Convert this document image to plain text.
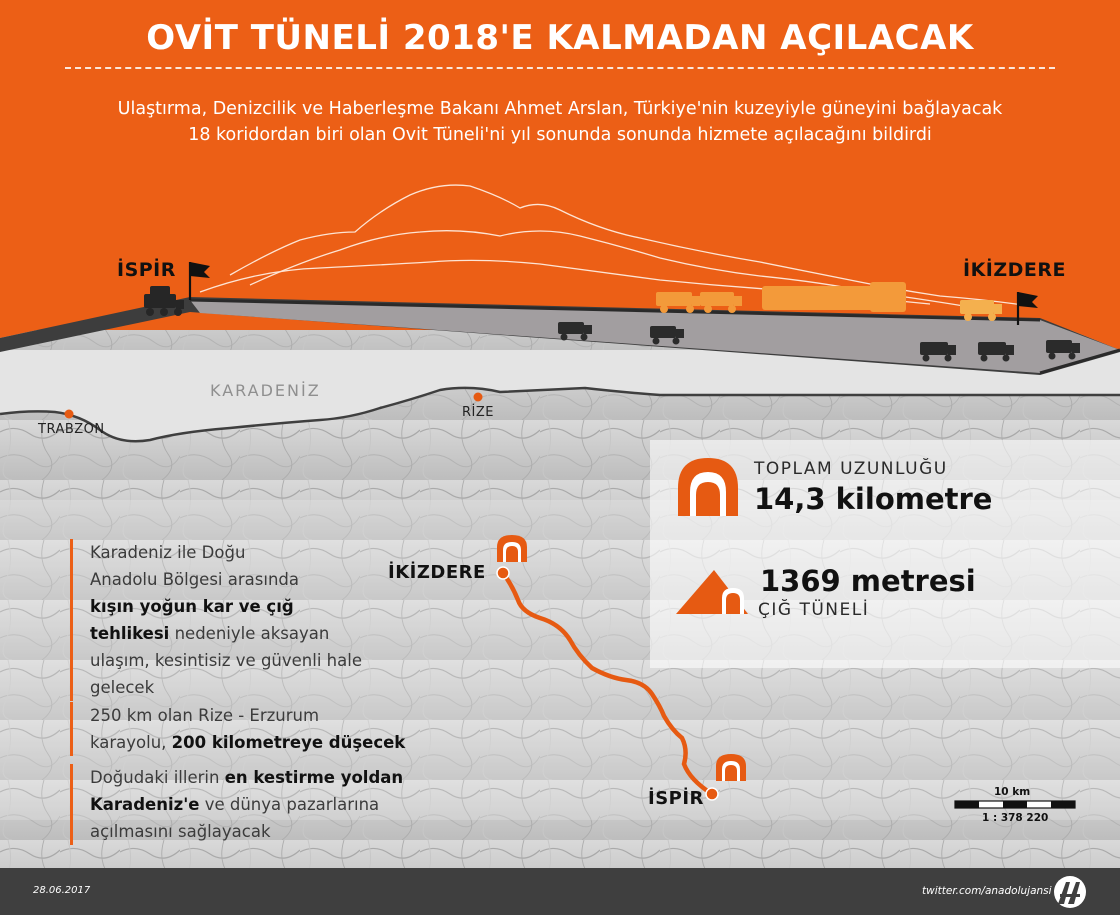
OVİT TÜNELİ 2018'E KALMADAN AÇILACAK
Ulaştırma, Denizcilik ve Haberleşme Bakanı Ahmet Arslan, Türkiye'nin kuzeyiyle güneyini bağlayacak
18 koridordan biri olan Ovit Tüneli'ni yıl sonunda sonunda hizmete açılacağını bildirdi
İSPİR	İKİZDERE
KARADENİZ
TRABZON
RİZE
İKİZDERE
İSPİR
TOPLAM UZUNLUĞU
14,3 kilometre
1369 metresi
ÇIĞ TÜNELİ
Karadeniz ile Doğu
Anadolu Bölgesi arasında
kışın yoğun kar ve çığ
tehlikesi nedeniyle aksayan
ulaşım, kesintisiz ve güvenli hale
gelecek
250 km olan Rize - Erzurum
karayolu, 200 kilometreye düşecek
Doğudaki illerin en kestirme yoldan
Karadeniz'e ve dünya pazarlarına
açılmasını sağlayacak
10 km
1 : 378 220
28.06.2017	twitter.com/anadolujansi
